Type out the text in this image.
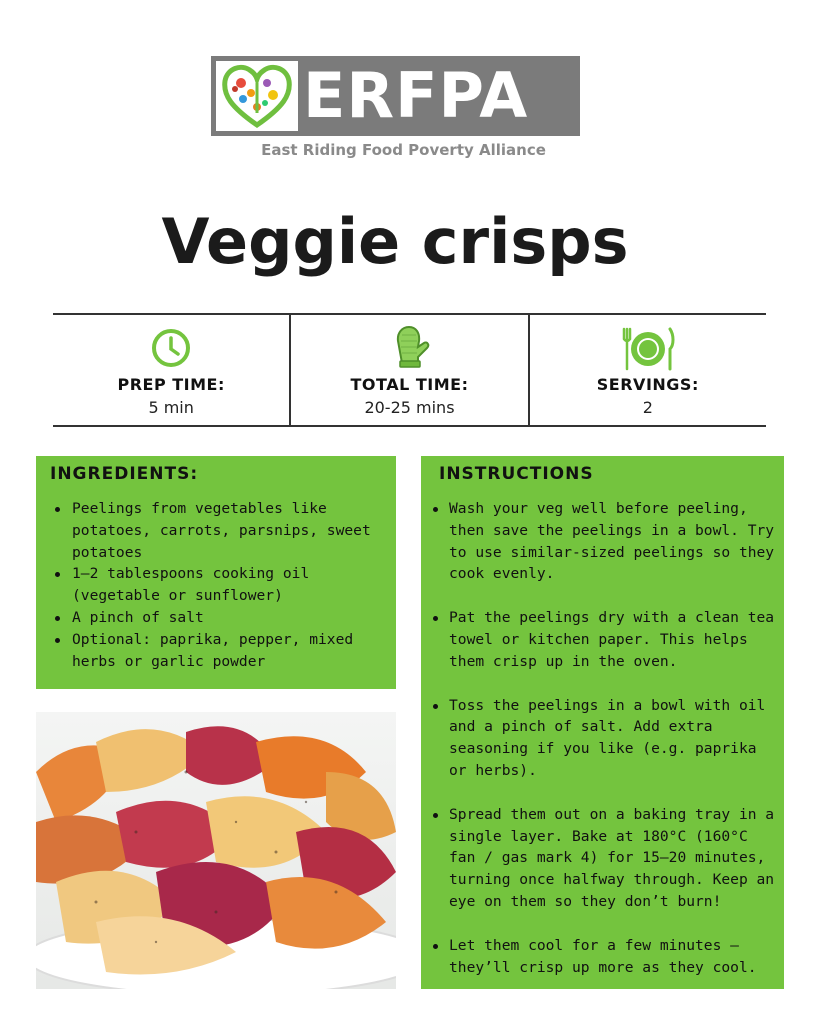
ERFPA
East Riding Food Poverty Alliance
Veggie crisps
PREP TIME:
5 min
TOTAL TIME:
20-25 mins
SERVINGS:
2
INGREDIENTS:
Peelings from vegetables like potatoes, carrots, parsnips, sweet potatoes
1–2 tablespoons cooking oil (vegetable or sunflower)
A pinch of salt
Optional: paprika, pepper, mixed herbs or garlic powder
INSTRUCTIONS
Wash your veg well before peeling, then save the peelings in a bowl. Try to use similar-sized peelings so they cook evenly.
Pat the peelings dry with a clean tea towel or kitchen paper. This helps them crisp up in the oven.
Toss the peelings in a bowl with oil and a pinch of salt. Add extra seasoning if you like (e.g. paprika or herbs).
Spread them out on a baking tray in a single layer. Bake at 180°C (160°C fan / gas mark 4) for 15–20 minutes, turning once halfway through. Keep an eye on them so they don’t burn!
Let them cool for a few minutes — they’ll crisp up more as they cool.
